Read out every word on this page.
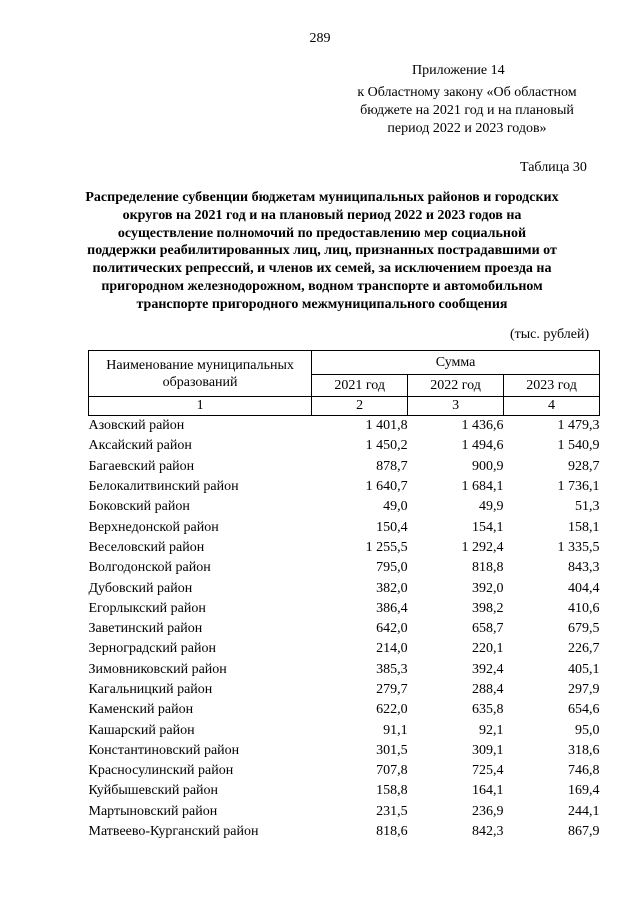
289
Приложение 14
к Областному закону «Об областном
бюджете на 2021 год и на плановый
период 2022 и 2023 годов»
Таблица 30
Распределение субвенции бюджетам муниципальных районов и городских округов на 2021 год и на плановый период 2022 и 2023 годов на осуществление полномочий по предоставлению мер социальной поддержки реабилитированных лиц, лиц, признанных пострадавшими от политических репрессий, и членов их семей, за исключением проезда на пригородном железнодорожном, водном транспорте и автомобильном транспорте пригородного межмуниципального сообщения
(тыс. рублей)
Наименование муниципальных образований	Сумма		
	2021 год	2022 год	2023 год
1	2	3	4
Азовский район	1 401,8	1 436,6	1 479,3
Аксайский район	1 450,2	1 494,6	1 540,9
Багаевский район	878,7	900,9	928,7
Белокалитвинский район	1 640,7	1 684,1	1 736,1
Боковский район	49,0	49,9	51,3
Верхнедонской район	150,4	154,1	158,1
Веселовский район	1 255,5	1 292,4	1 335,5
Волгодонской район	795,0	818,8	843,3
Дубовский район	382,0	392,0	404,4
Егорлыкский район	386,4	398,2	410,6
Заветинский район	642,0	658,7	679,5
Зерноградский район	214,0	220,1	226,7
Зимовниковский район	385,3	392,4	405,1
Кагальницкий район	279,7	288,4	297,9
Каменский район	622,0	635,8	654,6
Кашарский район	91,1	92,1	95,0
Константиновский район	301,5	309,1	318,6
Красносулинский район	707,8	725,4	746,8
Куйбышевский район	158,8	164,1	169,4
Мартыновский район	231,5	236,9	244,1
Матвеево-Курганский район	818,6	842,3	867,9
